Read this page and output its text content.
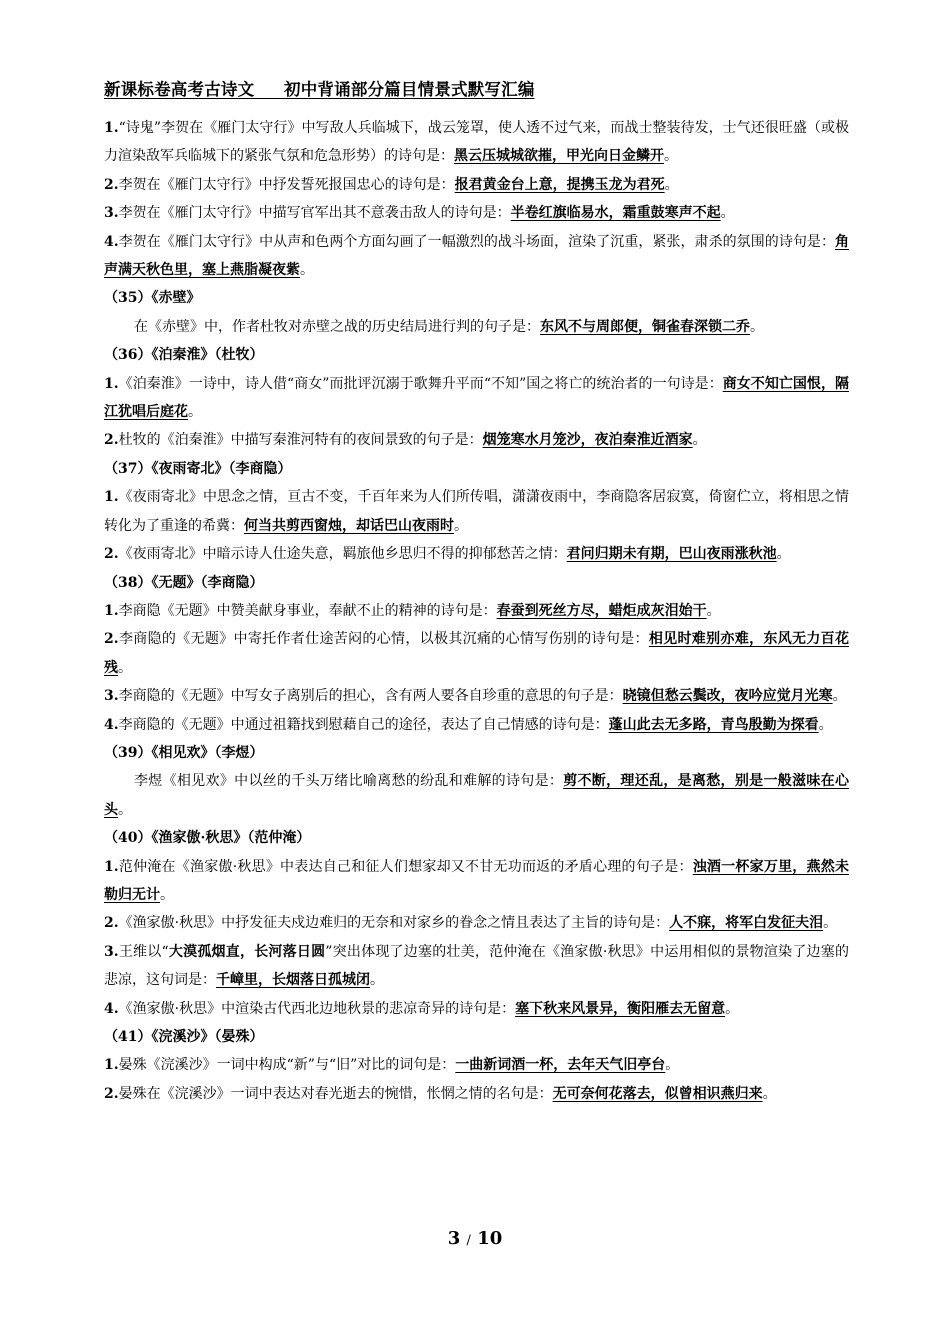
新课标卷高考古诗文     初中背诵部分篇目情景式默写汇编
1.“诗鬼”李贺在《雁门太守行》中写敌人兵临城下，战云笼罩，使人透不过气来，而战士整装待发，士气还很旺盛（或极力渲染敌军兵临城下的紧张气氛和危急形势）的诗句是：黑云压城城欲摧，甲光向日金鳞开。
2.李贺在《雁门太守行》中抒发誓死报国忠心的诗句是：报君黄金台上意，提携玉龙为君死。
3.李贺在《雁门太守行》中描写官军出其不意袭击敌人的诗句是：半卷红旗临易水，霜重鼓寒声不起。
4.李贺在《雁门太守行》中从声和色两个方面勾画了一幅激烈的战斗场面，渲染了沉重，紧张，肃杀的氛围的诗句是：角声满天秋色里，塞上燕脂凝夜紫。
（35）《赤壁》
在《赤壁》中，作者杜牧对赤壁之战的历史结局进行判的句子是：东风不与周郎便，铜雀春深锁二乔。
（36）《泊秦淮》（杜牧）
1.《泊秦淮》一诗中，诗人借“商女”而批评沉溺于歌舞升平而“不知”国之将亡的统治者的一句诗是：商女不知亡国恨，隔江犹唱后庭花。
2.杜牧的《泊秦淮》中描写秦淮河特有的夜间景致的句子是：烟笼寒水月笼沙，夜泊秦淮近酒家。
（37）《夜雨寄北》（李商隐）
1.《夜雨寄北》中思念之情，亘古不变，千百年来为人们所传唱，潇潇夜雨中，李商隐客居寂寞，倚窗伫立，将相思之情转化为了重逢的希冀：何当共剪西窗烛，却话巴山夜雨时。
2.《夜雨寄北》中暗示诗人仕途失意，羁旅他乡思归不得的抑郁愁苦之情：君问归期未有期，巴山夜雨涨秋池。
（38）《无题》（李商隐）
1.李商隐《无题》中赞美献身事业，奉献不止的精神的诗句是：春蚕到死丝方尽，蜡炬成灰泪始干。
2.李商隐的《无题》中寄托作者仕途苦闷的心情，以极其沉痛的心情写伤别的诗句是：相见时难别亦难，东风无力百花残。
3.李商隐的《无题》中写女子离别后的担心，含有两人要各自珍重的意思的句子是：晓镜但愁云鬓改，夜吟应觉月光寒。
4.李商隐的《无题》中通过祖籍找到慰藉自己的途径，表达了自己情感的诗句是：蓬山此去无多路，青鸟殷勤为探看。
（39）《相见欢》（李煜）
李煜《相见欢》中以丝的千头万绪比喻离愁的纷乱和难解的诗句是：剪不断，理还乱，是离愁，别是一般滋味在心头。
（40）《渔家傲·秋思》（范仲淹）
1.范仲淹在《渔家傲·秋思》中表达自己和征人们想家却又不甘无功而返的矛盾心理的句子是：浊酒一杯家万里，燕然未勒归无计。
2.《渔家傲·秋思》中抒发征夫戍边难归的无奈和对家乡的眷念之情且表达了主旨的诗句是：人不寐，将军白发征夫泪。
3.王维以“大漠孤烟直，长河落日圆”突出体现了边塞的壮美，范仲淹在《渔家傲·秋思》中运用相似的景物渲染了边塞的悲凉，这句词是：千嶂里，长烟落日孤城闭。
4.《渔家傲·秋思》中渲染古代西北边地秋景的悲凉奇异的诗句是：塞下秋来风景异，衡阳雁去无留意。
（41）《浣溪沙》（晏殊）
1.晏殊《浣溪沙》一词中构成“新”与“旧”对比的词句是：一曲新词酒一杯，去年天气旧亭台。
2.晏殊在《浣溪沙》一词中表达对春光逝去的惋惜，怅惘之情的名句是：无可奈何花落去，似曾相识燕归来。
3 / 10
